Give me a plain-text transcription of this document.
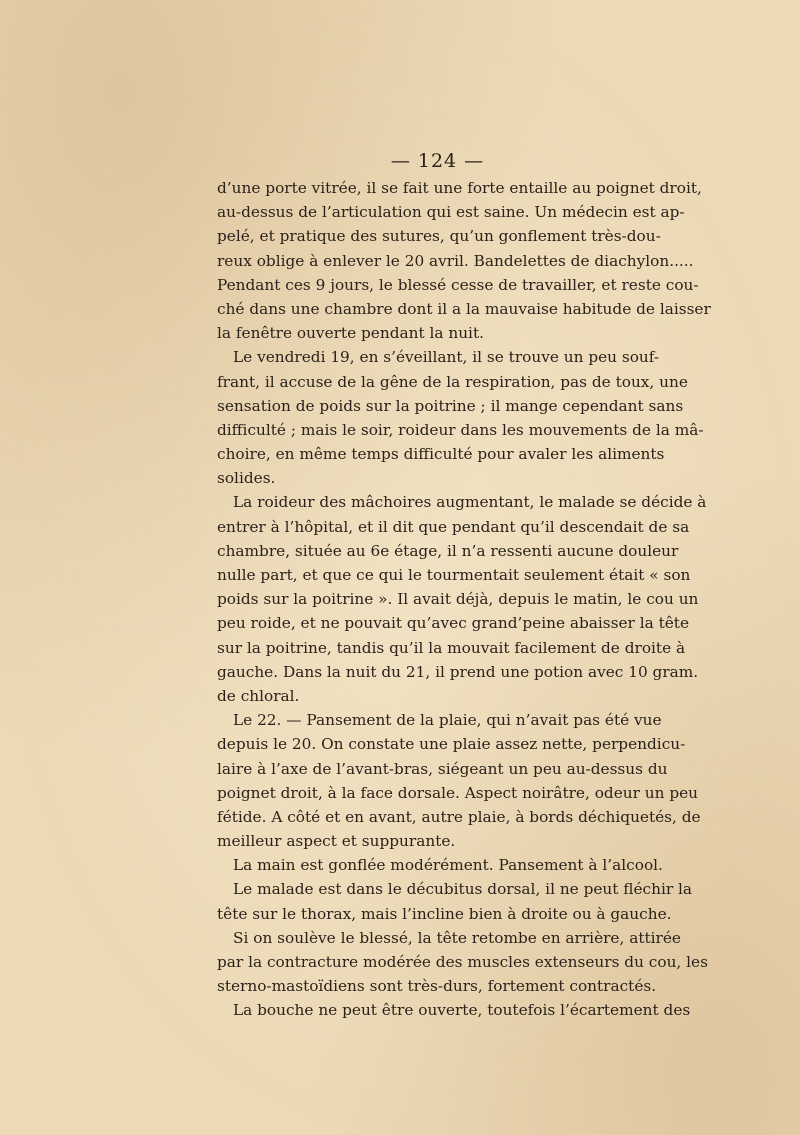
— 124 —
d’une porte vitrée, il se fait une forte entaille au poignet droit,
au-dessus de l’articulation qui est saine. Un médecin est ap-
pelé, et pratique des sutures, qu’un gonflement très-dou-
reux oblige à enlever le 20 avril. Bandelettes de diachylon.....
Pendant ces 9 jours, le blessé cesse de travailler, et reste cou-
ché dans une chambre dont il a la mauvaise habitude de laisser
la fenêtre ouverte pendant la nuit.
Le vendredi 19, en s’éveillant, il se trouve un peu souf-
frant, il accuse de la gêne de la respiration, pas de toux, une
sensation de poids sur la poitrine ; il mange cependant sans
difficulté ; mais le soir, roideur dans les mouvements de la mâ-
choire, en même temps difficulté pour avaler les aliments
solides.
La roideur des mâchoires augmentant, le malade se décide à
entrer à l’hôpital, et il dit que pendant qu’il descendait de sa
chambre, située au 6e étage, il n’a ressenti aucune douleur
nulle part, et que ce qui le tourmentait seulement était « son
poids sur la poitrine ». Il avait déjà, depuis le matin, le cou un
peu roide, et ne pouvait qu’avec grand’peine abaisser la tête
sur la poitrine, tandis qu’il la mouvait facilement de droite à
gauche. Dans la nuit du 21, il prend une potion avec 10 gram.
de chloral.
Le 22. — Pansement de la plaie, qui n’avait pas été vue
depuis le 20. On constate une plaie assez nette, perpendicu-
laire à l’axe de l’avant-bras, siégeant un peu au-dessus du
poignet droit, à la face dorsale. Aspect noirâtre, odeur un peu
fétide. A côté et en avant, autre plaie, à bords déchiquetés, de
meilleur aspect et suppurante.
La main est gonflée modérément. Pansement à l’alcool.
Le malade est dans le décubitus dorsal, il ne peut fléchir la
tête sur le thorax, mais l’incline bien à droite ou à gauche.
Si on soulève le blessé, la tête retombe en arrière, attirée
par la contracture modérée des muscles extenseurs du cou, les
sterno-mastoïdiens sont très-durs, fortement contractés.
La bouche ne peut être ouverte, toutefois l’écartement des
